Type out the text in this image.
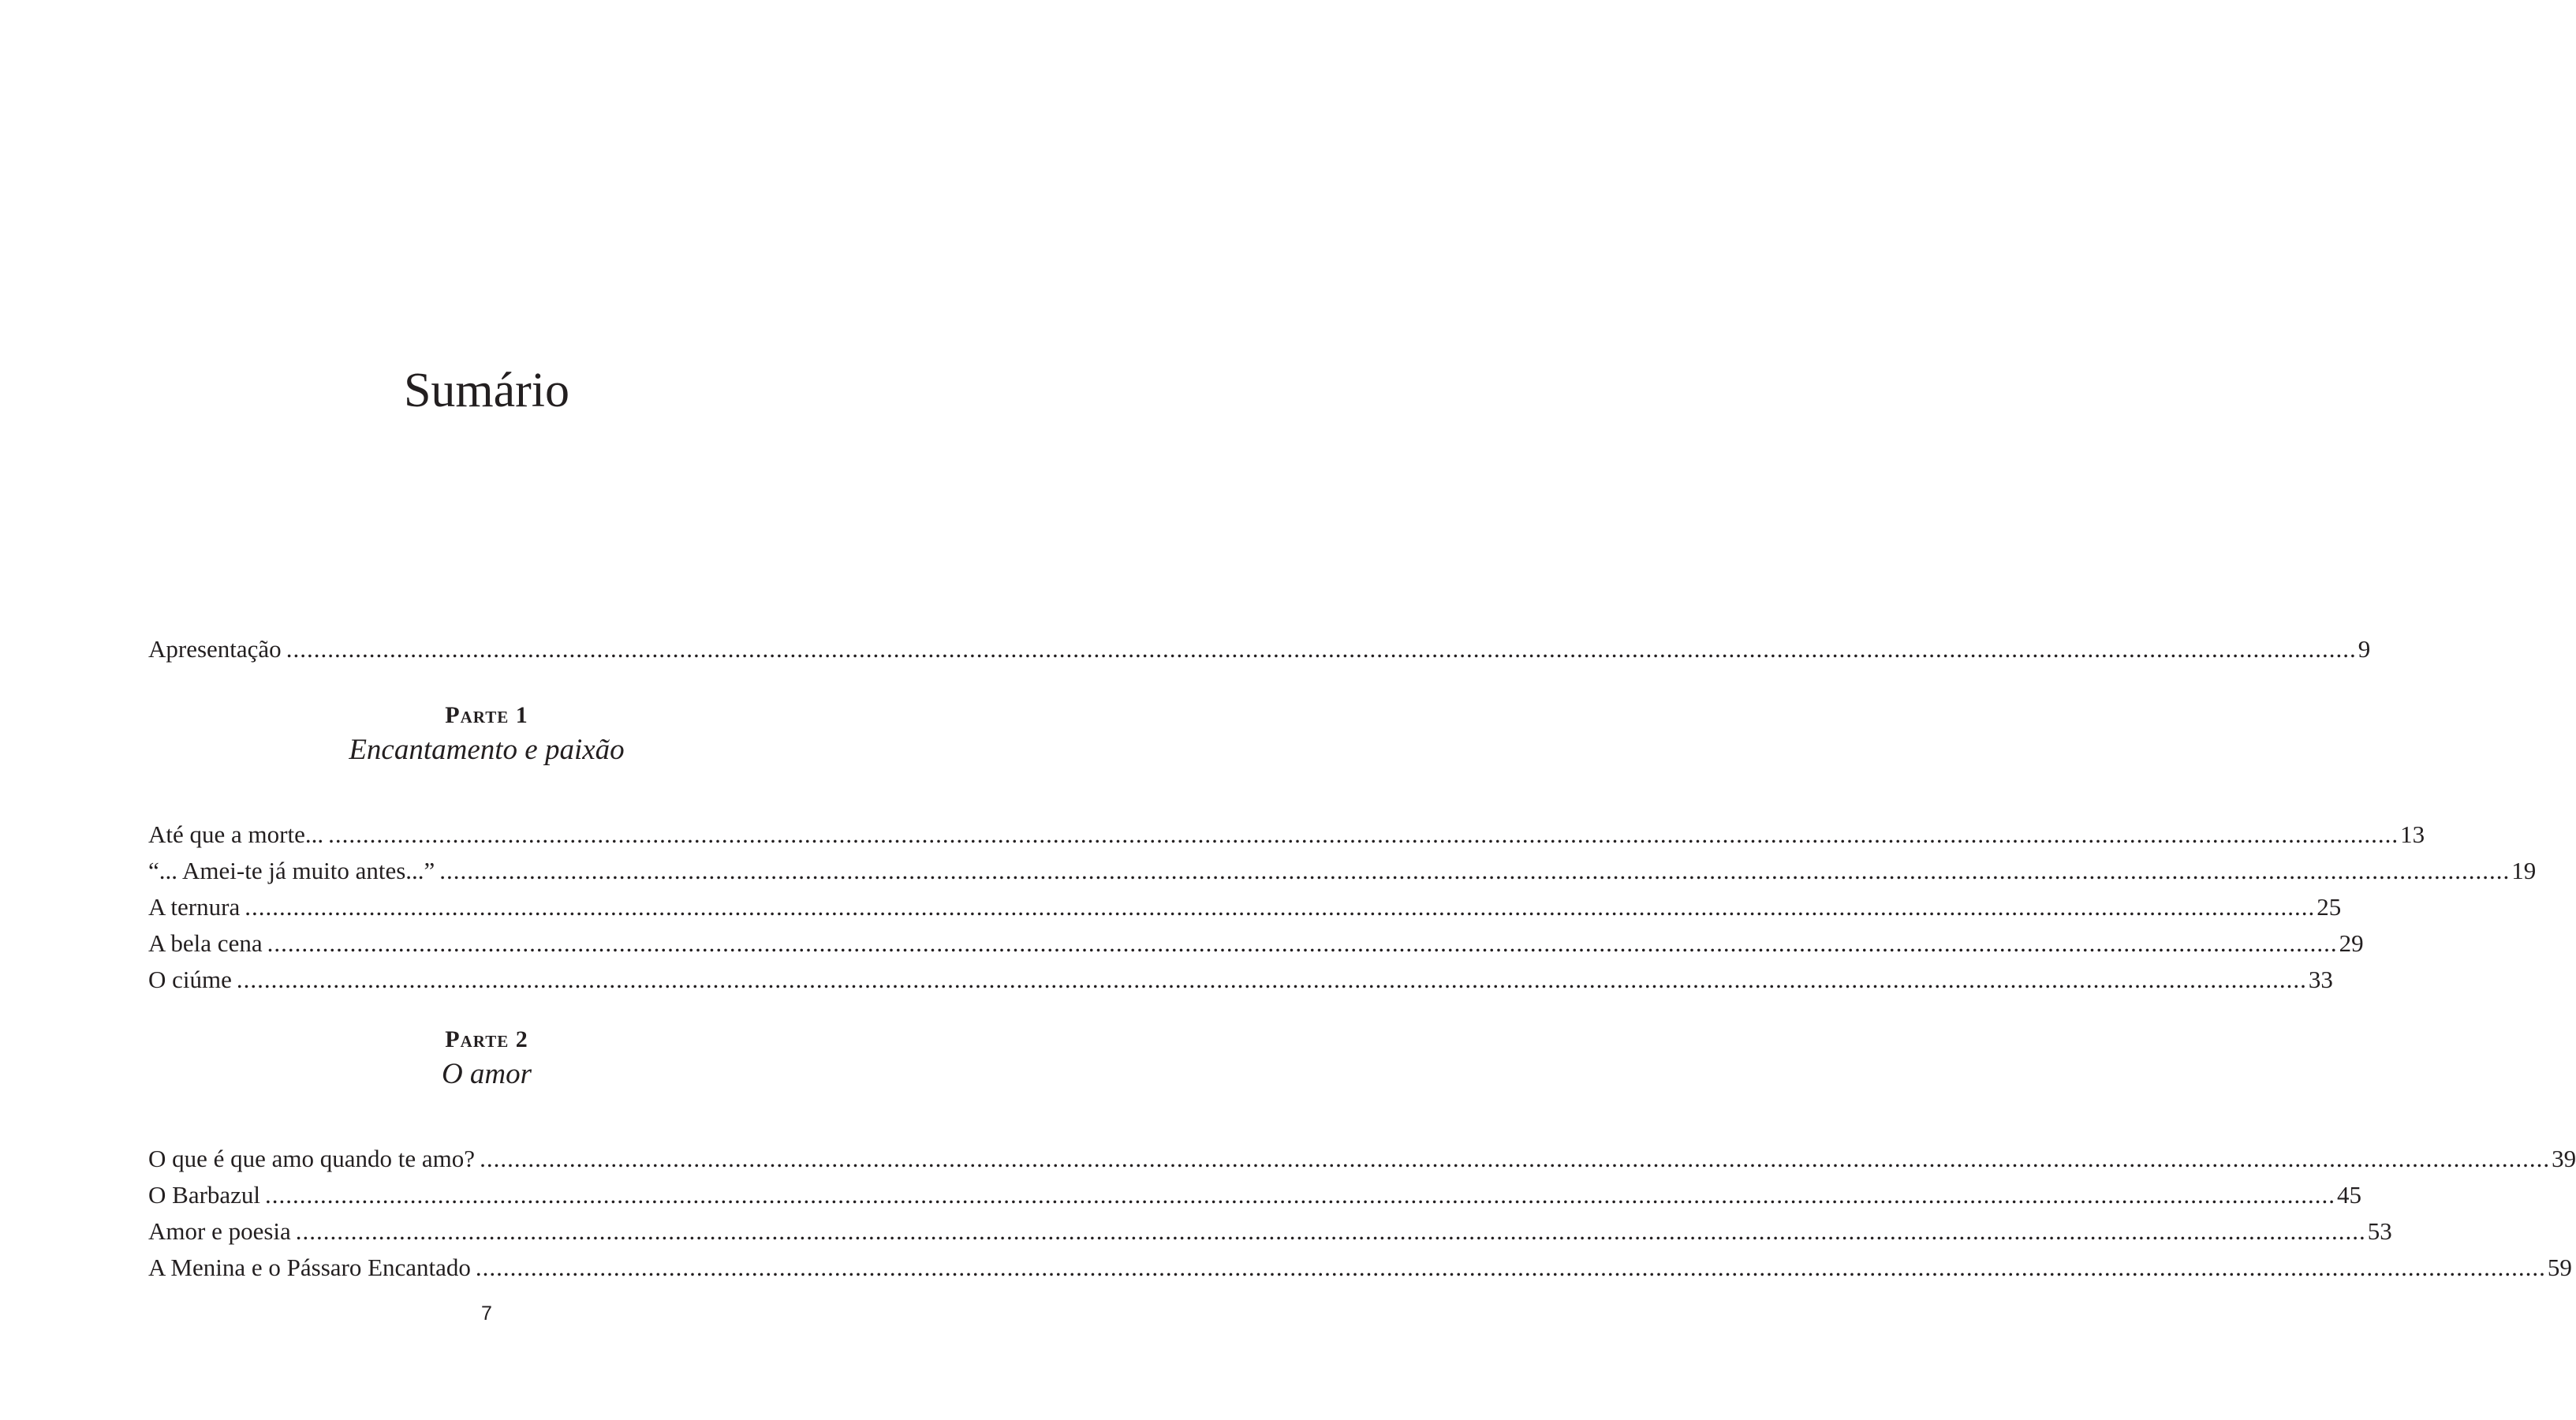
Sumário
Apresentação ............................................................................................................................................................................................................................................................................................................ 9
Parte 1
Encantamento e paixão
Até que a morte... ............................................................................................................................................................................................................................................................................................................ 13
“... Amei-te já muito antes...” ............................................................................................................................................................................................................................................................................................................ 19
A ternura ............................................................................................................................................................................................................................................................................................................ 25
A bela cena ............................................................................................................................................................................................................................................................................................................ 29
O ciúme ............................................................................................................................................................................................................................................................................................................ 33
Parte 2
O amor
O que é que amo quando te amo? ............................................................................................................................................................................................................................................................................................................ 39
O Barbazul ............................................................................................................................................................................................................................................................................................................ 45
Amor e poesia ............................................................................................................................................................................................................................................................................................................ 53
A Menina e o Pássaro Encantado ............................................................................................................................................................................................................................................................................................................ 59
7
